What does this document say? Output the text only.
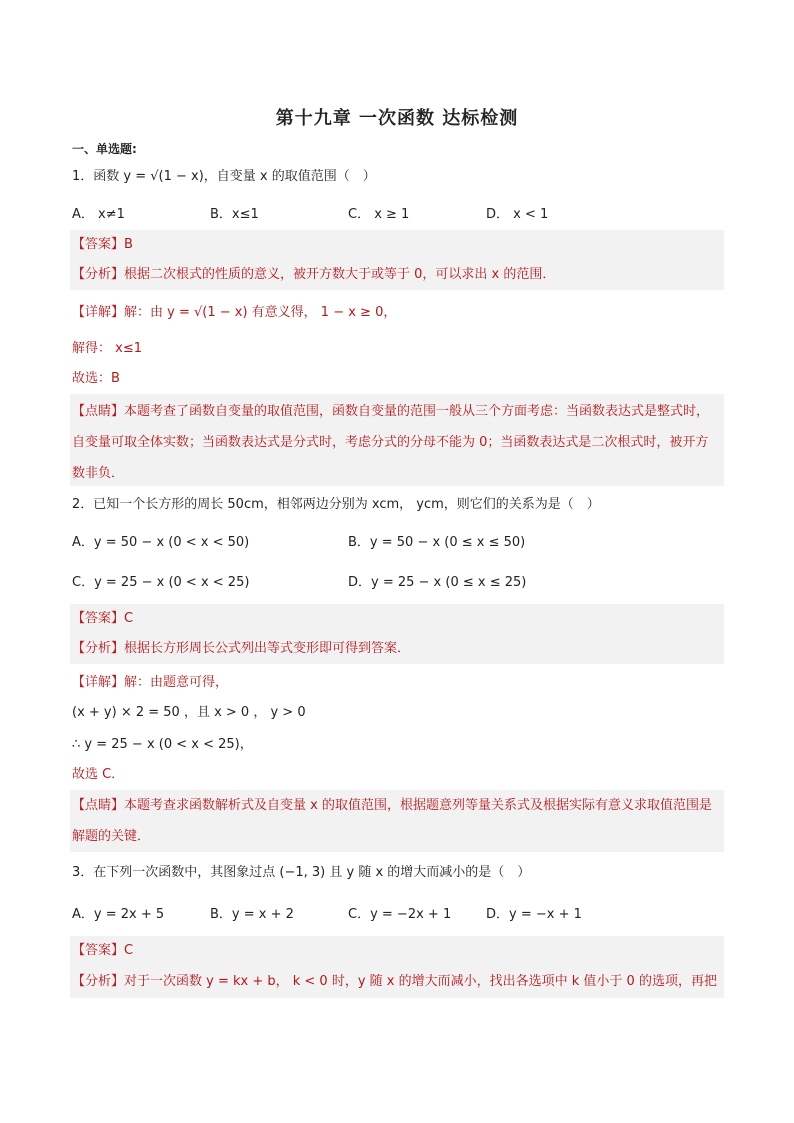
第十九章 一次函数 达标检测
一、单选题:
1．函数 y = √(1 − x)，自变量 x 的取值范围（　）
A． x≠1	B．x≤1	C． x ≥ 1	D． x < 1
【答案】B
【分析】根据二次根式的性质的意义，被开方数大于或等于 0，可以求出 x 的范围．
【详解】解：由 y = √(1 − x) 有意义得， 1 − x ≥ 0，
解得： x≤1
故选：B
【点睛】本题考查了函数自变量的取值范围，函数自变量的范围一般从三个方面考虑：当函数表达式是整式时，自变量可取全体实数；当函数表达式是分式时，考虑分式的分母不能为 0；当函数表达式是二次根式时，被开方数非负．
2．已知一个长方形的周长 50cm，相邻两边分别为 xcm， ycm，则它们的关系为是（　）
A．y = 50 − x (0 < x < 50)	B．y = 50 − x (0 ≤ x ≤ 50)
C．y = 25 − x (0 < x < 25)	D．y = 25 − x (0 ≤ x ≤ 25)
【答案】C
【分析】根据长方形周长公式列出等式变形即可得到答案．
【详解】解：由题意可得，
(x + y) × 2 = 50 ，且 x > 0 ， y > 0
∴ y = 25 − x (0 < x < 25)，
故选 C．
【点睛】本题考查求函数解析式及自变量 x 的取值范围，根据题意列等量关系式及根据实际有意义求取值范围是解题的关键．
3．在下列一次函数中，其图象过点 (−1, 3) 且 y 随 x 的增大而减小的是（　）
A．y = 2x + 5	B．y = x + 2	C．y = −2x + 1	D．y = −x + 1
【答案】C
【分析】对于一次函数 y = kx + b， k < 0 时，y 随 x 的增大而减小，找出各选项中 k 值小于 0 的选项，再把
